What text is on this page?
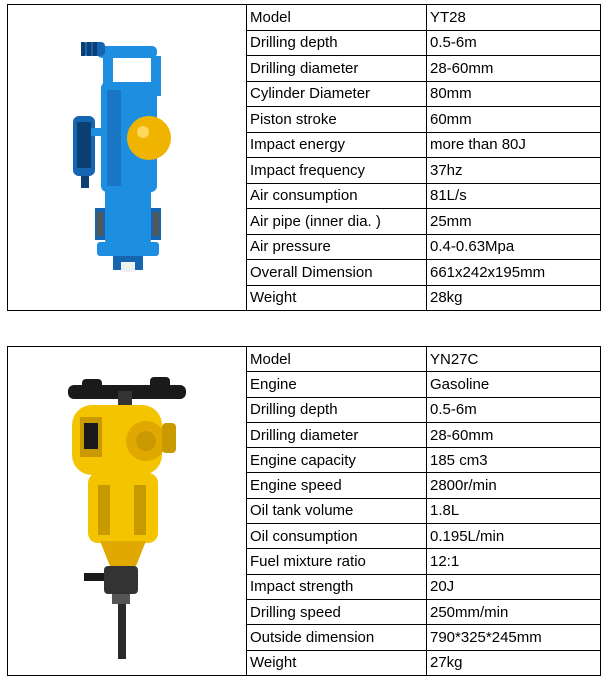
	Model	YT28
	Drilling depth	0.5-6m
	Drilling diameter	28-60mm
	Cylinder Diameter	80mm
	Piston stroke	60mm
	Impact energy	more than 80J
	Impact frequency	37hz
	Air consumption	81L/s
	Air pipe (inner dia. )	25mm
	Air pressure	0.4-0.63Mpa
	Overall Dimension	661x242x195mm
	Weight	28kg
	Model	YN27C
	Engine	Gasoline
	Drilling depth	0.5-6m
	Drilling diameter	28-60mm
	Engine capacity	185 cm3
	Engine speed	2800r/min
	Oil tank volume	1.8L
	Oil consumption	0.195L/min
	Fuel mixture ratio	12:1
	Impact strength	20J
	Drilling speed	250mm/min
	Outside dimension	790*325*245mm
	Weight	27kg
